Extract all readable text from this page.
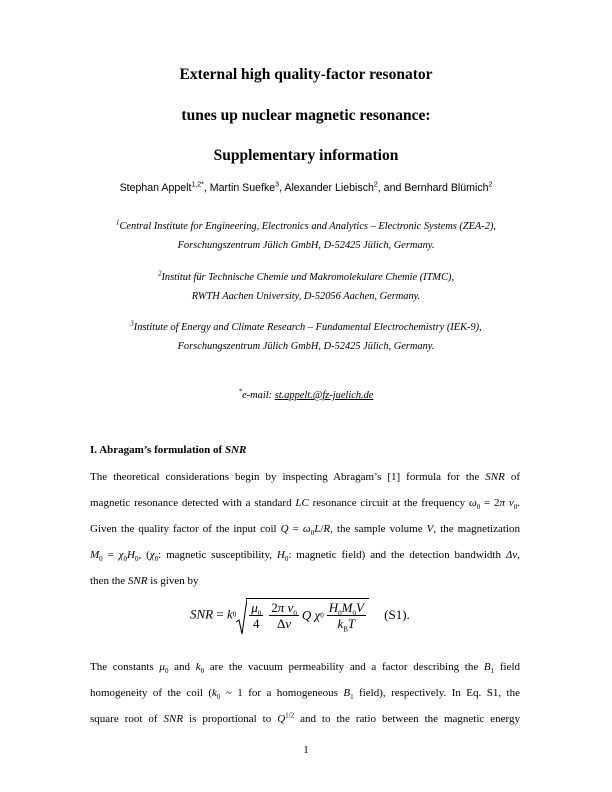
External high quality-factor resonator
tunes up nuclear magnetic resonance:
Supplementary information
Stephan Appelt$^{1,2*}$, Martin Suefke$^3$, Alexander Liebisch$^2$, and Bernhard Blümich$^2$
$^1$Central Institute for Engineering, Electronics and Analytics – Electronic Systems (ZEA-2),
Forschungszentrum Jülich GmbH, D-52425 Jülich, Germany.
$^2$Institut für Technische Chemie und Makromolekulare Chemie (ITMC),
RWTH Aachen University, D-52056 Aachen, Germany.
$^3$Institute of Energy and Climate Research – Fundamental Electrochemistry (IEK-9),
Forschungszentrum Jülich GmbH, D-52425 Jülich, Germany.
*e-mail: st.appelt.@fz-juelich.de
I. Abragam’s formulation of SNR
The theoretical considerations begin by inspecting Abragam’s [1] formula for the SNR of
magnetic resonance detected with a standard LC resonance circuit at the frequency $\omega_0 = 2\pi$ $\nu_0$.
Given the quality factor of the input coil $Q = \omega_0L/R$, the sample volume V, the magnetization
$M_0 = \chi_0H_0$, ($\chi_0$: magnetic susceptibility, $H_0$: magnetic field) and the detection bandwidth Δν,
then the SNR is given by
SNR = $k0 \frac{\mu_0}{4} \frac{2\pi \nu_0}{\Delta\nu}$ Q $\chi 0 \frac{H_0M_0V}{k_BT} (S1)$.
The constants $\mu_0$ and $k_0$ are the vacuum permeability and a factor describing the $B_1$ field
homogeneity of the coil ($k_0$ ~ 1 for a homogeneous $B_1$ field), respectively. In Eq. S1, the
square root of SNR is proportional to $Q^{1/2}$ and to the ratio between the magnetic energy
1
